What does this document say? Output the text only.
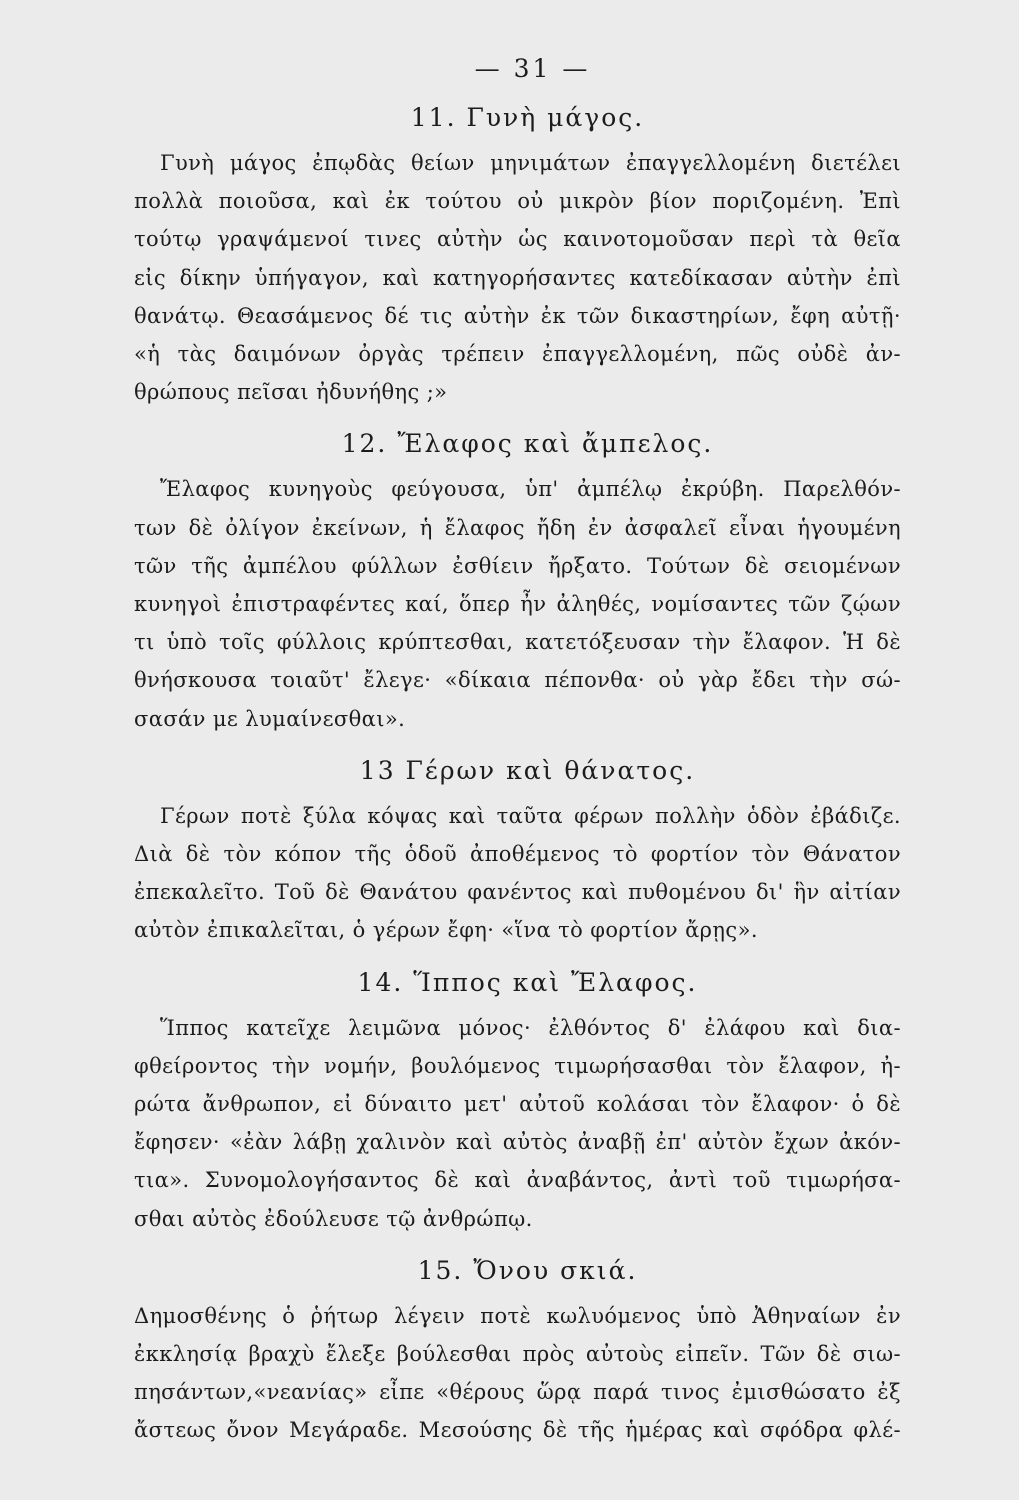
— 31 —
11. Γυνὴ μάγος.
Γυνὴ μάγος ἐπῳδὰς θείων μηνιμάτων ἐπαγγελλομένη διετέλει
πολλὰ ποιοῦσα, καὶ ἐκ τούτου οὐ μικρὸν βίον ποριζομένη. Ἐπὶ
τούτῳ γραψάμενοί τινες αὐτὴν ὡς καινοτομοῦσαν περὶ τὰ θεῖα
εἰς δίκην ὑπήγαγον, καὶ κατηγορήσαντες κατεδίκασαν αὐτὴν ἐπὶ
θανάτῳ. Θεασάμενος δέ τις αὐτὴν ἐκ τῶν δικαστηρίων, ἔφη αὐτῇ·
«ἡ τὰς δαιμόνων ὀργὰς τρέπειν ἐπαγγελλομένη, πῶς οὐδὲ ἀν-
θρώπους πεῖσαι ἠδυνήθης ;»
12. Ἔλαφος καὶ ἄμπελος.
Ἔλαφος κυνηγοὺς φεύγουσα, ὑπ' ἀμπέλῳ ἐκρύβη. Παρελθόν-
των δὲ ὀλίγον ἐκείνων, ἡ ἔλαφος ἤδη ἐν ἀσφαλεῖ εἶναι ἡγουμένη
τῶν τῆς ἀμπέλου φύλλων ἐσθίειν ἤρξατο. Τούτων δὲ σειομένων
κυνηγοὶ ἐπιστραφέντες καί, ὅπερ ἦν ἀληθές, νομίσαντες τῶν ζῴων
τι ὑπὸ τοῖς φύλλοις κρύπτεσθαι, κατετόξευσαν τὴν ἔλαφον. Ἡ δὲ
θνήσκουσα τοιαῦτ' ἔλεγε· «δίκαια πέπονθα· οὐ γὰρ ἔδει τὴν σώ-
σασάν με λυμαίνεσθαι».
13 Γέρων καὶ θάνατος.
Γέρων ποτὲ ξύλα κόψας καὶ ταῦτα φέρων πολλὴν ὁδὸν ἐβάδιζε.
Διὰ δὲ τὸν κόπον τῆς ὁδοῦ ἀποθέμενος τὸ φορτίον τὸν Θάνατον
ἐπεκαλεῖτο. Τοῦ δὲ Θανάτου φανέντος καὶ πυθομένου δι' ἣν αἰτίαν
αὐτὸν ἐπικαλεῖται, ὁ γέρων ἔφη· «ἵνα τὸ φορτίον ἄρῃς».
14. Ἵππος καὶ Ἔλαφος.
Ἵππος κατεῖχε λειμῶνα μόνος· ἐλθόντος δ' ἐλάφου καὶ δια-
φθείροντος τὴν νομήν, βουλόμενος τιμωρήσασθαι τὸν ἔλαφον, ἠ-
ρώτα ἄνθρωπον, εἰ δύναιτο μετ' αὐτοῦ κολάσαι τὸν ἔλαφον· ὁ δὲ
ἔφησεν· «ἐὰν λάβῃ χαλινὸν καὶ αὐτὸς ἀναβῇ ἐπ' αὐτὸν ἔχων ἀκόν-
τια». Συνομολογήσαντος δὲ καὶ ἀναβάντος, ἀντὶ τοῦ τιμωρήσα-
σθαι αὐτὸς ἐδούλευσε τῷ ἀνθρώπῳ.
15. Ὄνου σκιά.
Δημοσθένης ὁ ῥήτωρ λέγειν ποτὲ κωλυόμενος ὑπὸ Ἀθηναίων ἐν
ἐκκλησίᾳ βραχὺ ἔλεξε βούλεσθαι πρὸς αὐτοὺς εἰπεῖν. Τῶν δὲ σιω-
πησάντων,«νεανίας» εἶπε «θέρους ὥρᾳ παρά τινος ἐμισθώσατο ἐξ
ἄστεως ὄνον Μεγάραδε. Μεσούσης δὲ τῆς ἡμέρας καὶ σφόδρα φλέ-
